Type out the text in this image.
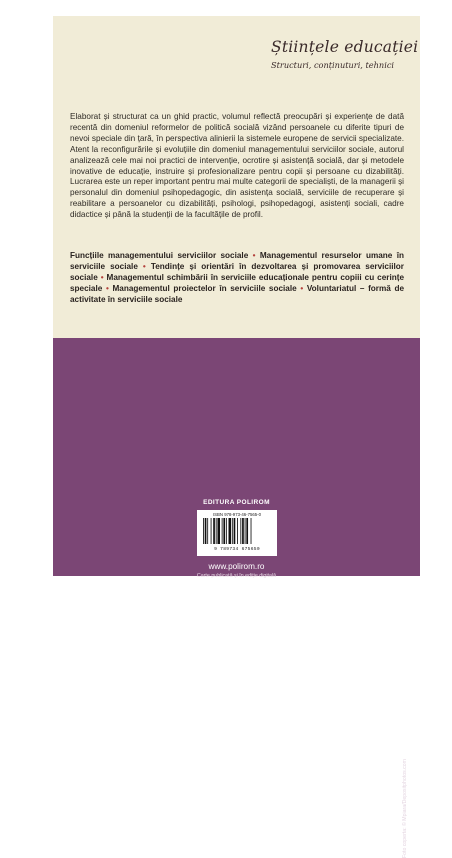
Științele educației
Structuri, conținuturi, tehnici

Elaborat și structurat ca un ghid practic, volumul reflectă preocupări și experiențe de dată recentă din domeniul reformelor de politică socială vizând persoanele cu diferite tipuri de nevoi speciale din țară, în perspectiva alinierii la sistemele europene de servicii specializate. Atent la reconfigurările și evoluțiile din domeniul managementului serviciilor sociale, autorul analizează cele mai noi practici de intervenție, ocrotire și asistență socială, dar și metodele inovative de educație, instruire și profesionalizare pentru copii și persoane cu dizabilități. Lucrarea este un reper important pentru mai multe categorii de specialiști, de la managerii și personalul din domeniul psihopedagogic, din asistența socială, serviciile de recuperare și reabilitare a persoanelor cu dizabilități, psihologi, psihopedagogi, asistenți sociali, cadre didactice și până la studenții de la facultățile de profil.

Funcțiile managementului serviciilor sociale • Managementul resurselor umane în serviciile sociale • Tendințe și orientări în dezvoltarea și promovarea serviciilor sociale • Managementul schimbării în serviciile educaționale pentru copiii cu cerințe speciale • Managementul proiectelor în serviciile sociale • Voluntariatul – formă de activitate în serviciile sociale

Foto coperta: © Mpiara/Depositphotos.com
EDITURA POLIROM
ISBN 978-973-46-7565-0
9 789734 675650
www.polirom.ro
Carte publicată și în ediție digitală
